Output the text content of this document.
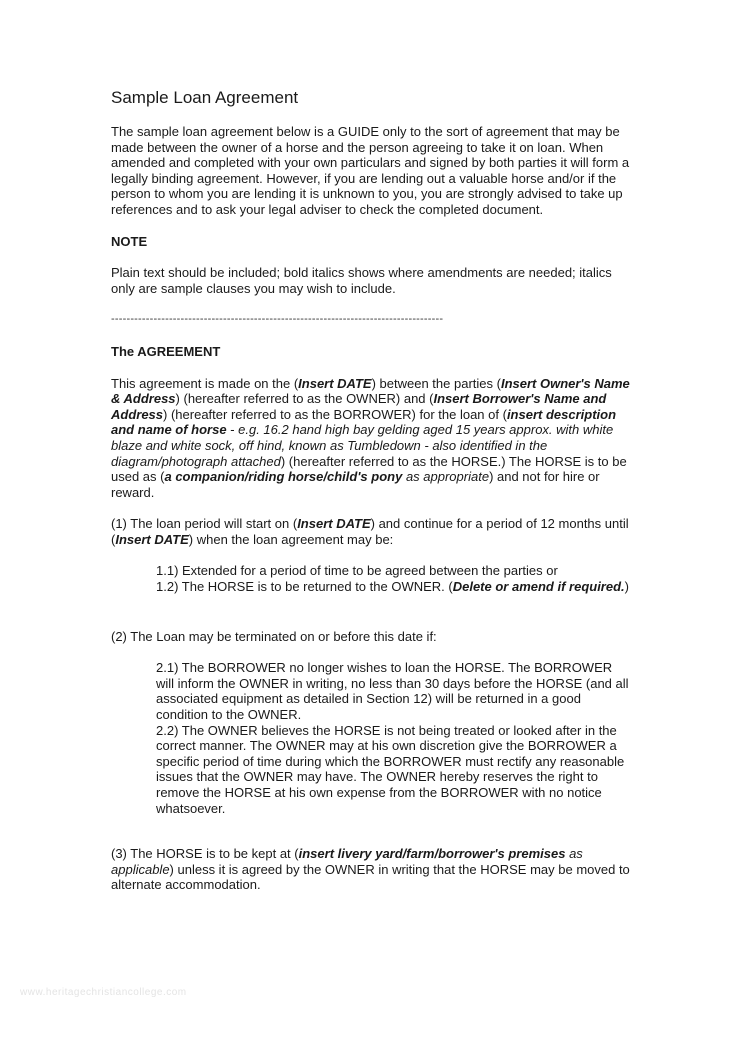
Sample Loan Agreement

The sample loan agreement below is a GUIDE only to the sort of agreement that may be made between the owner of a horse and the person agreeing to take it on loan. When amended and completed with your own particulars and signed by both parties it will form a legally binding agreement. However, if you are lending out a valuable horse and/or if the person to whom you are lending it is unknown to you, you are strongly advised to take up references and to ask your legal adviser to check the completed document.

NOTE

Plain text should be included; bold italics shows where amendments are needed; italics only are sample clauses you may wish to include.

--------------------------------------------------------------------------------------

The AGREEMENT

This agreement is made on the (Insert DATE) between the parties (Insert Owner's Name & Address) (hereafter referred to as the OWNER) and (Insert Borrower's Name and Address) (hereafter referred to as the BORROWER) for the loan of (insert description and name of horse - e.g. 16.2 hand high bay gelding aged 15 years approx. with white blaze and white sock, off hind, known as Tumbledown - also identified in the diagram/photograph attached) (hereafter referred to as the HORSE.) The HORSE is to be used as (a companion/riding horse/child's pony as appropriate) and not for hire or reward.

(1) The loan period will start on (Insert DATE) and continue for a period of 12 months until (Insert DATE) when the loan agreement may be:

1.1) Extended for a period of time to be agreed between the parties or

1.2) The HORSE is to be returned to the OWNER. (Delete or amend if required.)

(2) The Loan may be terminated on or before this date if:

2.1) The BORROWER no longer wishes to loan the HORSE. The BORROWER will inform the OWNER in writing, no less than 30 days before the HORSE (and all associated equipment as detailed in Section 12) will be returned in a good condition to the OWNER.

2.2) The OWNER believes the HORSE is not being treated or looked after in the correct manner. The OWNER may at his own discretion give the BORROWER a specific period of time during which the BORROWER must rectify any reasonable issues that the OWNER may have. The OWNER hereby reserves the right to remove the HORSE at his own expense from the BORROWER with no notice whatsoever.

(3) The HORSE is to be kept at (insert livery yard/farm/borrower's premises as applicable) unless it is agreed by the OWNER in writing that the HORSE may be moved to alternate accommodation.

www.heritagechristiancollege.com
